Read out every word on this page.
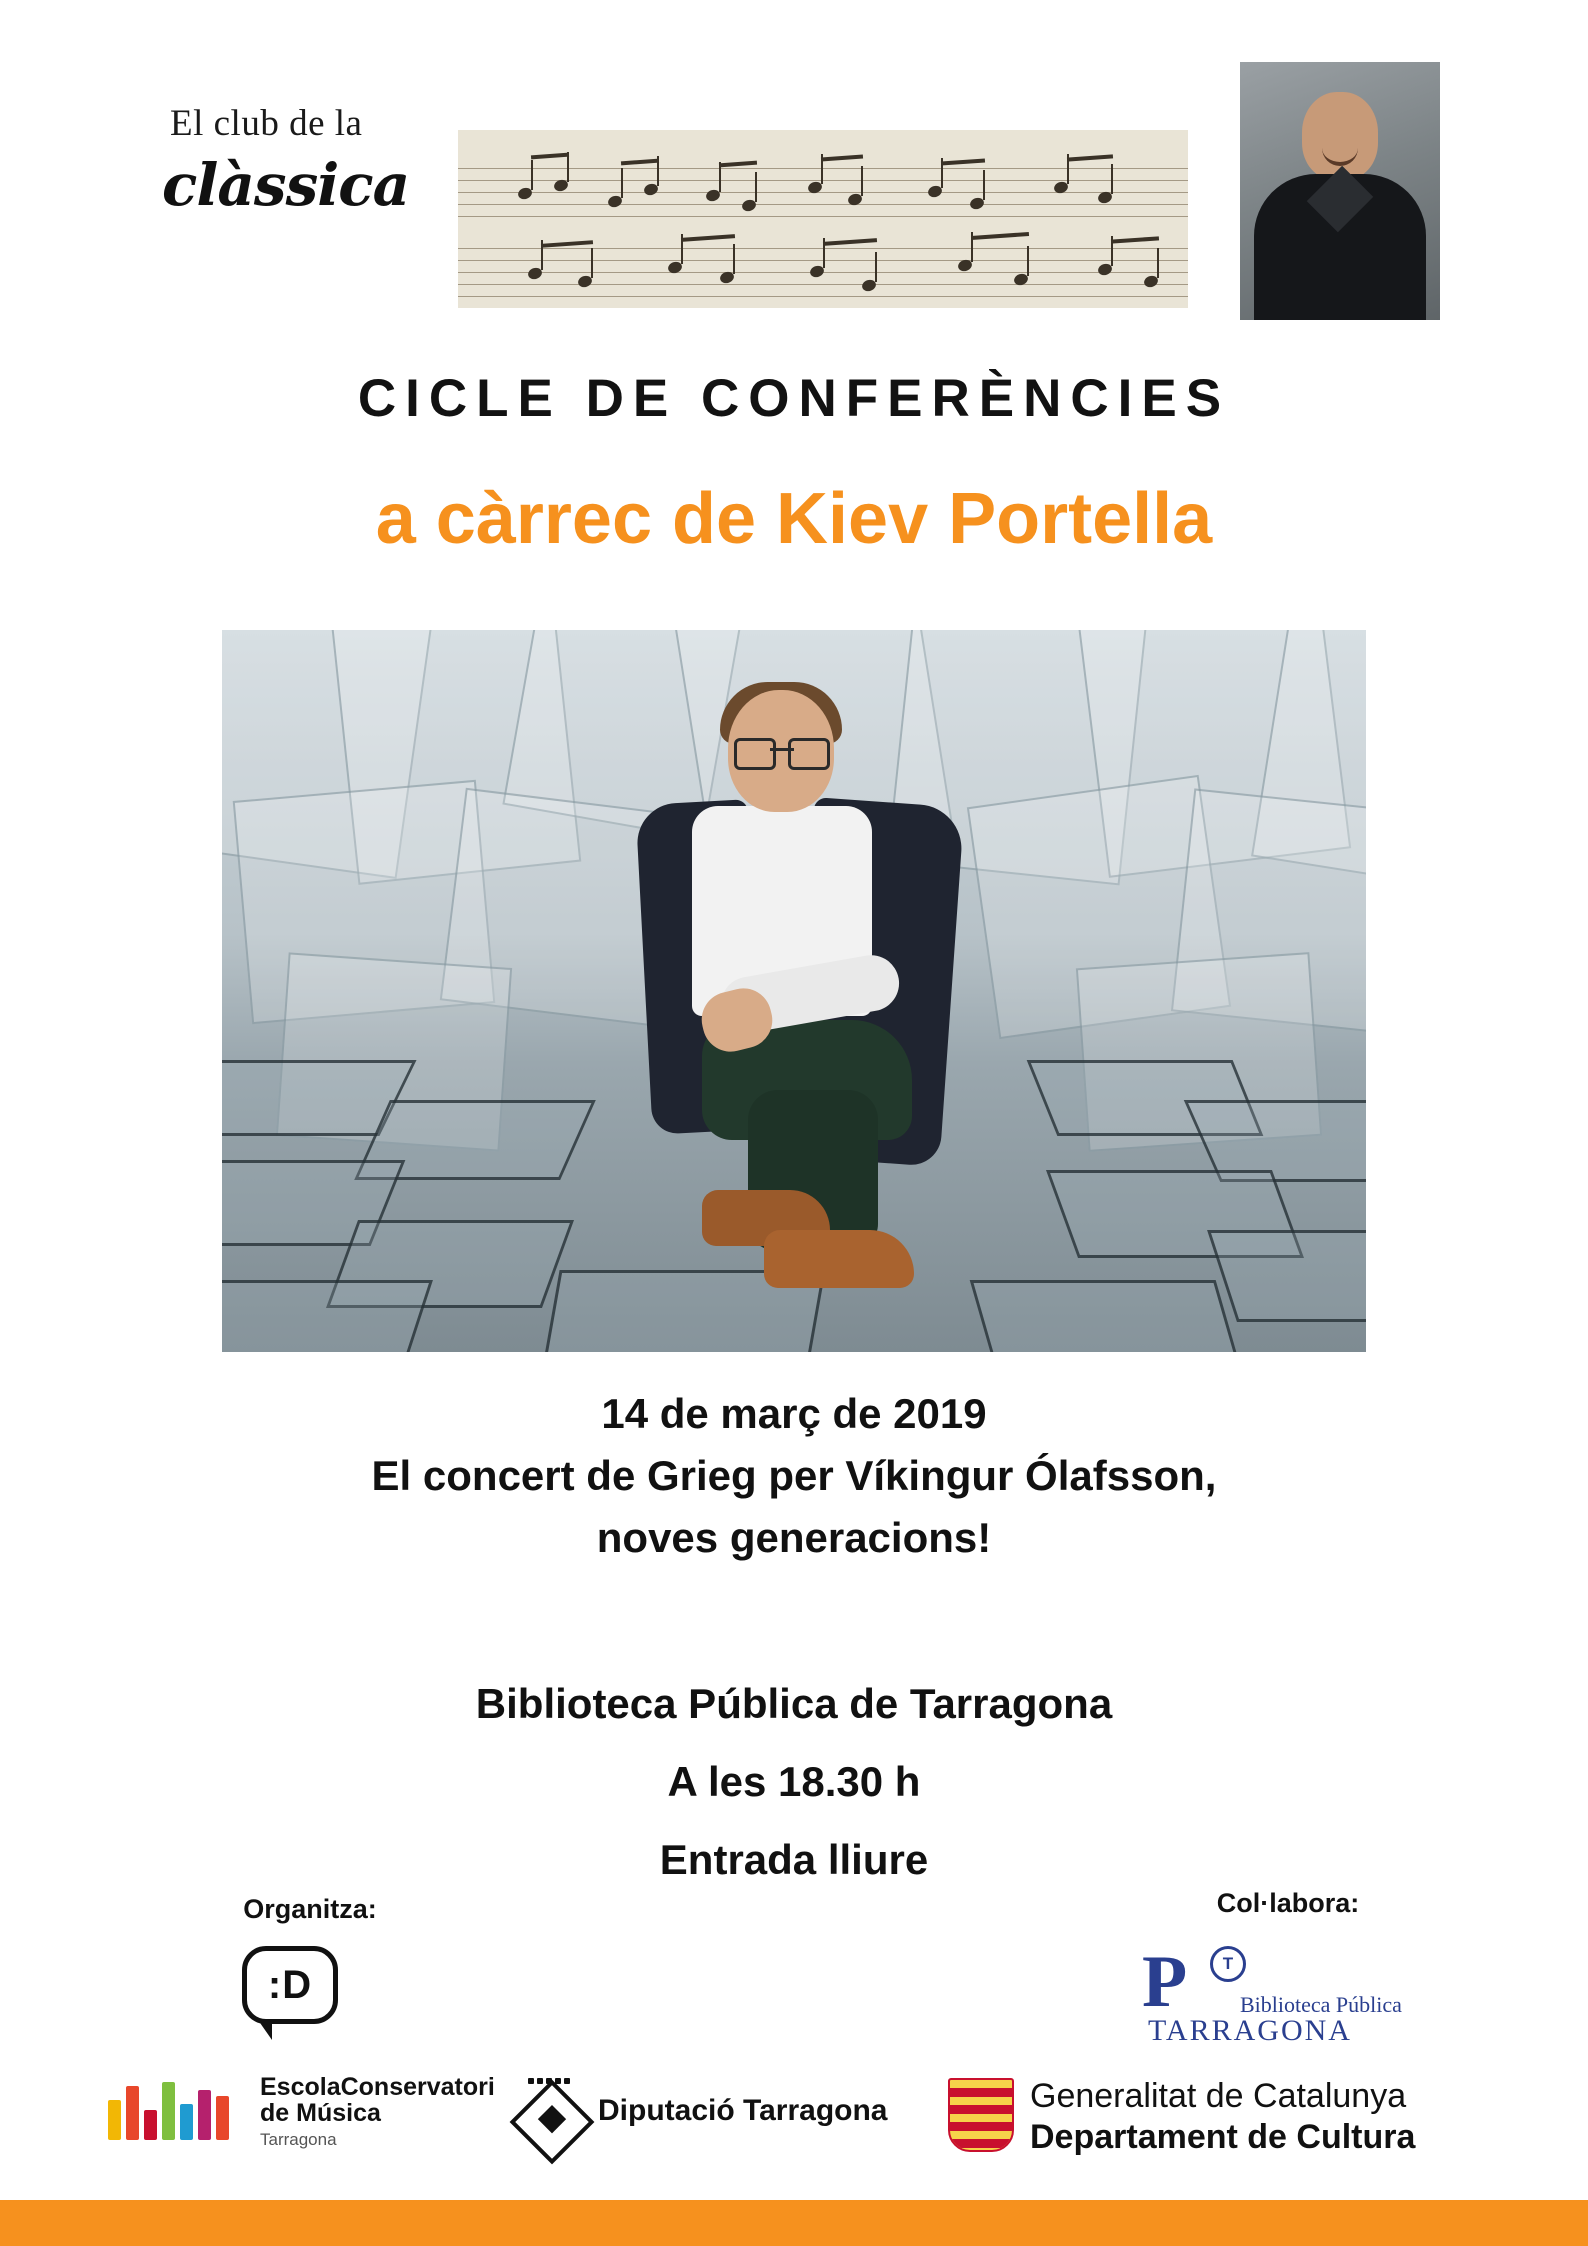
El club de la
clàssica
CICLE DE CONFERÈNCIES
a càrrec de Kiev Portella
14 de març de 2019
El concert de Grieg per Víkingur Ólafsson,
noves generacions!
Biblioteca Pública de Tarragona
A les 18.30 h
Entrada lliure
Organitza:	Col·labora:
:D	P	T
Biblioteca Pública
TARRAGONA
EscolaConservatori
de Música
Tarragona
Diputació Tarragona	Generalitat de Catalunya
Departament de Cultura
